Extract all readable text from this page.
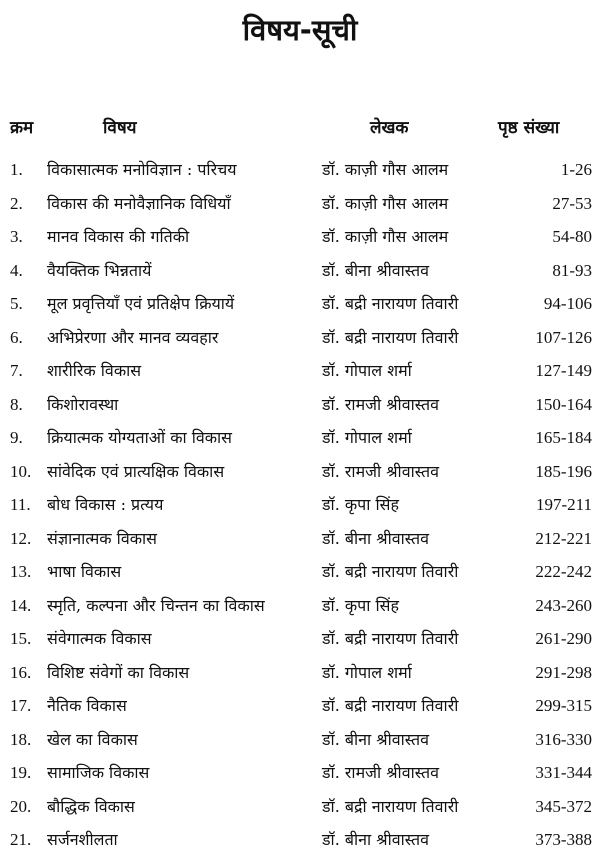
विषय-सूची
क्रम	विषय	लेखक	पृष्ठ संख्या
1. विकासात्मक मनोविज्ञान : परिचय	डॉ. काज़ी गौस आलम	1-26
2. विकास की मनोवैज्ञानिक विधियाँ	डॉ. काज़ी गौस आलम	27-53
3. मानव विकास की गतिकी	डॉ. काज़ी गौस आलम	54-80
4. वैयक्तिक भिन्नतायें	डॉ. बीना श्रीवास्तव	81-93
5. मूल प्रवृत्तियाँ एवं प्रतिक्षेप क्रियायें	डॉ. बद्री नारायण तिवारी	94-106
6. अभिप्रेरणा और मानव व्यवहार	डॉ. बद्री नारायण तिवारी	107-126
7. शारीरिक विकास	डॉ. गोपाल शर्मा	127-149
8. किशोरावस्था	डॉ. रामजी श्रीवास्तव	150-164
9. क्रियात्मक योग्यताओं का विकास	डॉ. गोपाल शर्मा	165-184
10. सांवेदिक एवं प्रात्यक्षिक विकास	डॉ. रामजी श्रीवास्तव	185-196
11. बोध विकास : प्रत्यय	डॉ. कृपा सिंह	197-211
12. संज्ञानात्मक विकास	डॉ. बीना श्रीवास्तव	212-221
13. भाषा विकास	डॉ. बद्री नारायण तिवारी	222-242
14. स्मृति, कल्पना और चिन्तन का विकास	डॉ. कृपा सिंह	243-260
15. संवेगात्मक विकास	डॉ. बद्री नारायण तिवारी	261-290
16. विशिष्ट संवेगों का विकास	डॉ. गोपाल शर्मा	291-298
17. नैतिक विकास	डॉ. बद्री नारायण तिवारी	299-315
18. खेल का विकास	डॉ. बीना श्रीवास्तव	316-330
19. सामाजिक विकास	डॉ. रामजी श्रीवास्तव	331-344
20. बौद्धिक विकास	डॉ. बद्री नारायण तिवारी	345-372
21. सर्जनशीलता	डॉ. बीना श्रीवास्तव	373-388
